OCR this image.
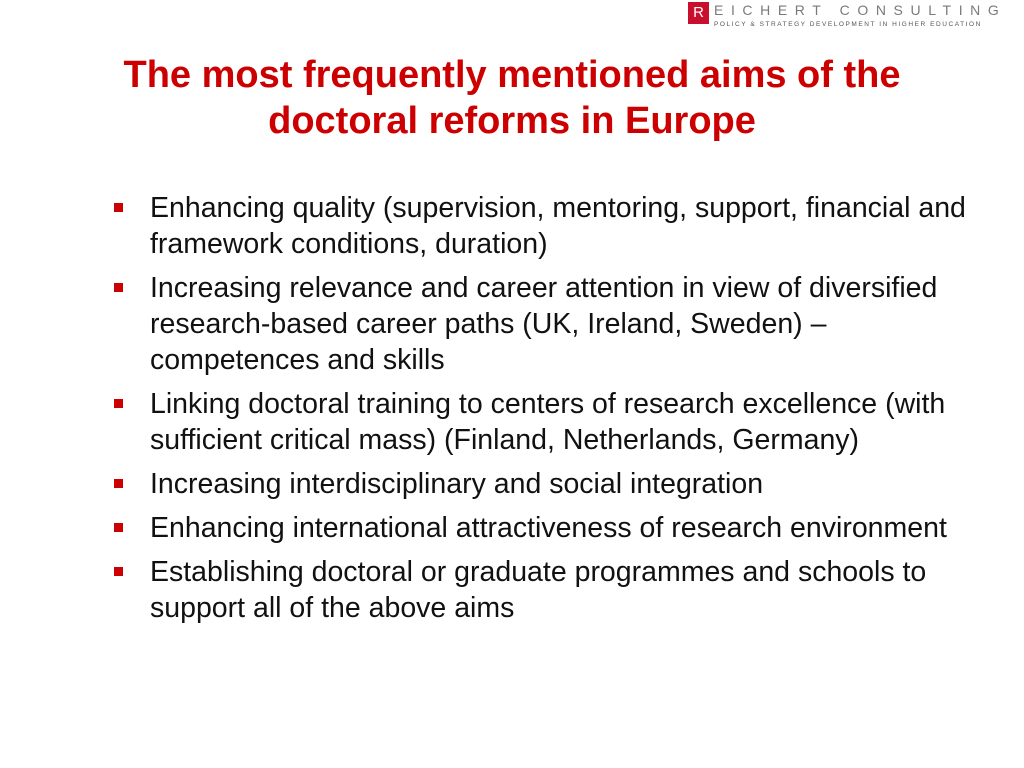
R EICHERT CONSULTING
POLICY & STRATEGY DEVELOPMENT IN HIGHER EDUCATION
The most frequently mentioned aims of the doctoral reforms in Europe
Enhancing quality (supervision, mentoring, support, financial and framework conditions, duration)
Increasing relevance and career attention in view of diversified research-based career paths (UK, Ireland, Sweden) – competences and skills
Linking doctoral training to centers of research excellence (with sufficient critical mass) (Finland, Netherlands, Germany)
Increasing interdisciplinary and social integration
Enhancing international attractiveness of research environment
Establishing doctoral or graduate programmes and schools to support all of the above aims
